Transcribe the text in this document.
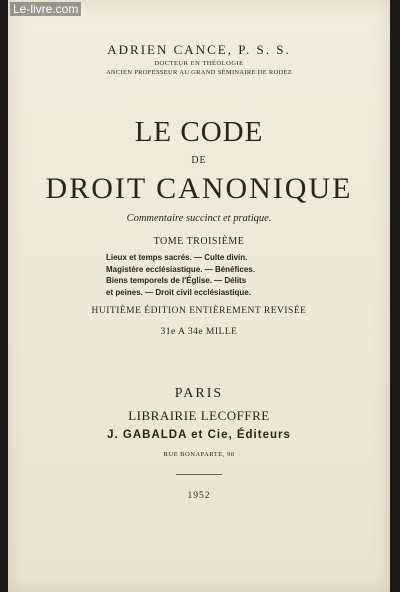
Le-livre.com
ADRIEN CANCE, P. S. S.
DOCTEUR EN THÉOLOGIE
ANCIEN PROFESSEUR AU GRAND SÉMINAIRE DE RODEZ
LE CODE
DE
DROIT CANONIQUE
Commentaire succinct et pratique.
TOME TROISIÈME
Lieux et temps sacrés. — Culte divin.
Magistère ecclésiastique. — Bénéfices.
Biens temporels de l'Église. — Délits
et peines. — Droit civil ecclésiastique.
HUITIÈME ÉDITION ENTIÈREMENT REVISÉE
31e A 34e MILLE
PARIS
LIBRAIRIE LECOFFRE
J. GABALDA et Cie, Éditeurs
RUE BONAPARTE, 90
1952
